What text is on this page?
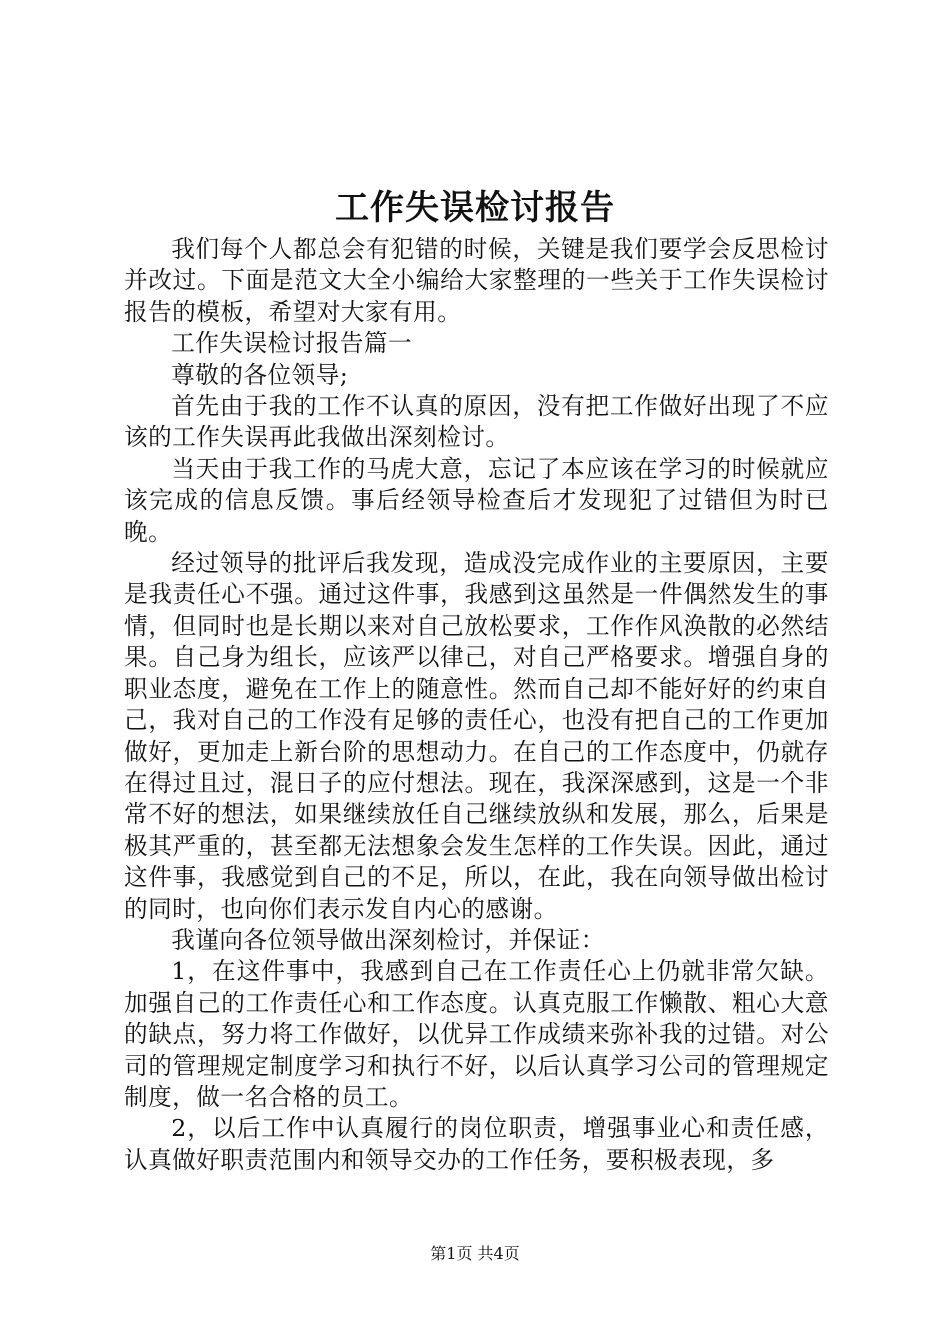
工作失误检讨报告

我们每个人都总会有犯错的时候，关键是我们要学会反思检讨并改过。下面是范文大全小编给大家整理的一些关于工作失误检讨报告的模板，希望对大家有用。

工作失误检讨报告篇一

尊敬的各位领导;

首先由于我的工作不认真的原因，没有把工作做好出现了不应该的工作失误再此我做出深刻检讨。

当天由于我工作的马虎大意，忘记了本应该在学习的时候就应该完成的信息反馈。事后经领导检查后才发现犯了过错但为时已晚。

经过领导的批评后我发现，造成没完成作业的主要原因，主要是我责任心不强。通过这件事，我感到这虽然是一件偶然发生的事情，但同时也是长期以来对自己放松要求，工作作风涣散的必然结果。自己身为组长，应该严以律己，对自己严格要求。增强自身的职业态度，避免在工作上的随意性。然而自己却不能好好的约束自己，我对自己的工作没有足够的责任心，也没有把自己的工作更加做好，更加走上新台阶的思想动力。在自己的工作态度中，仍就存在得过且过，混日子的应付想法。现在，我深深感到，这是一个非常不好的想法，如果继续放任自己继续放纵和发展，那么，后果是极其严重的，甚至都无法想象会发生怎样的工作失误。因此，通过这件事，我感觉到自己的不足，所以，在此，我在向领导做出检讨的同时，也向你们表示发自内心的感谢。

我谨向各位领导做出深刻检讨，并保证：

1，在这件事中，我感到自己在工作责任心上仍就非常欠缺。加强自己的工作责任心和工作态度。认真克服工作懒散、粗心大意的缺点，努力将工作做好，以优异工作成绩来弥补我的过错。对公司的管理规定制度学习和执行不好，以后认真学习公司的管理规定制度，做一名合格的员工。

2，以后工作中认真履行的岗位职责，增强事业心和责任感，认真做好职责范围内和领导交办的工作任务，要积极表现，多

第1页 共4页
